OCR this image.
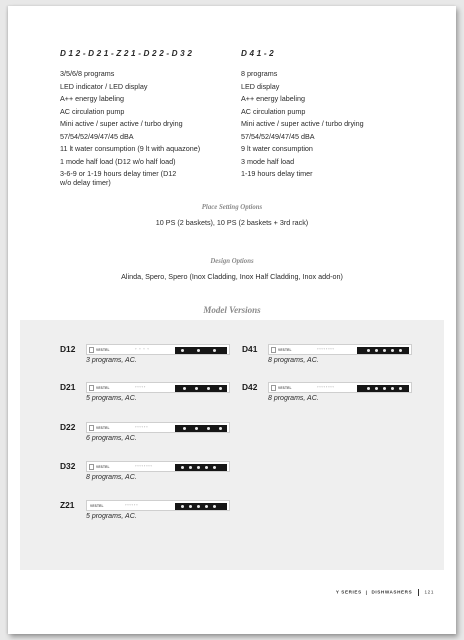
D12-D21-Z21-D22-D32
3/5/6/8 programs
LED indicator / LED display
A++ energy labeling
AC circulation pump
Mini active / super active / turbo drying
57/54/52/49/47/45 dBA
11 lt water consumption (9 lt with aquazone)
1 mode half load (D12 w/o half load)
3-6-9 or 1-19 hours delay timer (D12 w/o delay timer)
D41-2
8 programs
LED display
A++ energy labeling
AC circulation pump
Mini active / super active / turbo drying
57/54/52/49/47/45 dBA
9 lt water consumption
3 mode half load
1-19 hours delay timer
Place Setting Options
10 PS (2 baskets), 10 PS (2 baskets + 3rd rack)
Design Options
Alinda, Spero, Spero (Inox Cladding, Inox Half Cladding, Inox add-on)
Model Versions
D12	VESTEL	◦ ◦ ◦ ◦
3 programs, AC.
D21	VESTEL	◦◦◦◦◦
5 programs, AC.
D22	VESTEL	◦◦◦◦◦◦
6 programs, AC.
D32	VESTEL	◦◦◦◦◦◦◦◦
8 programs, AC.
Z21	VESTEL	◦◦◦◦◦◦
5 programs, AC.
D41	VESTEL	◦◦◦◦◦◦◦◦
8 programs, AC.
D42	VESTEL	◦◦◦◦◦◦◦◦
8 programs, AC.
Y SERIES | DISHWASHERS	121
